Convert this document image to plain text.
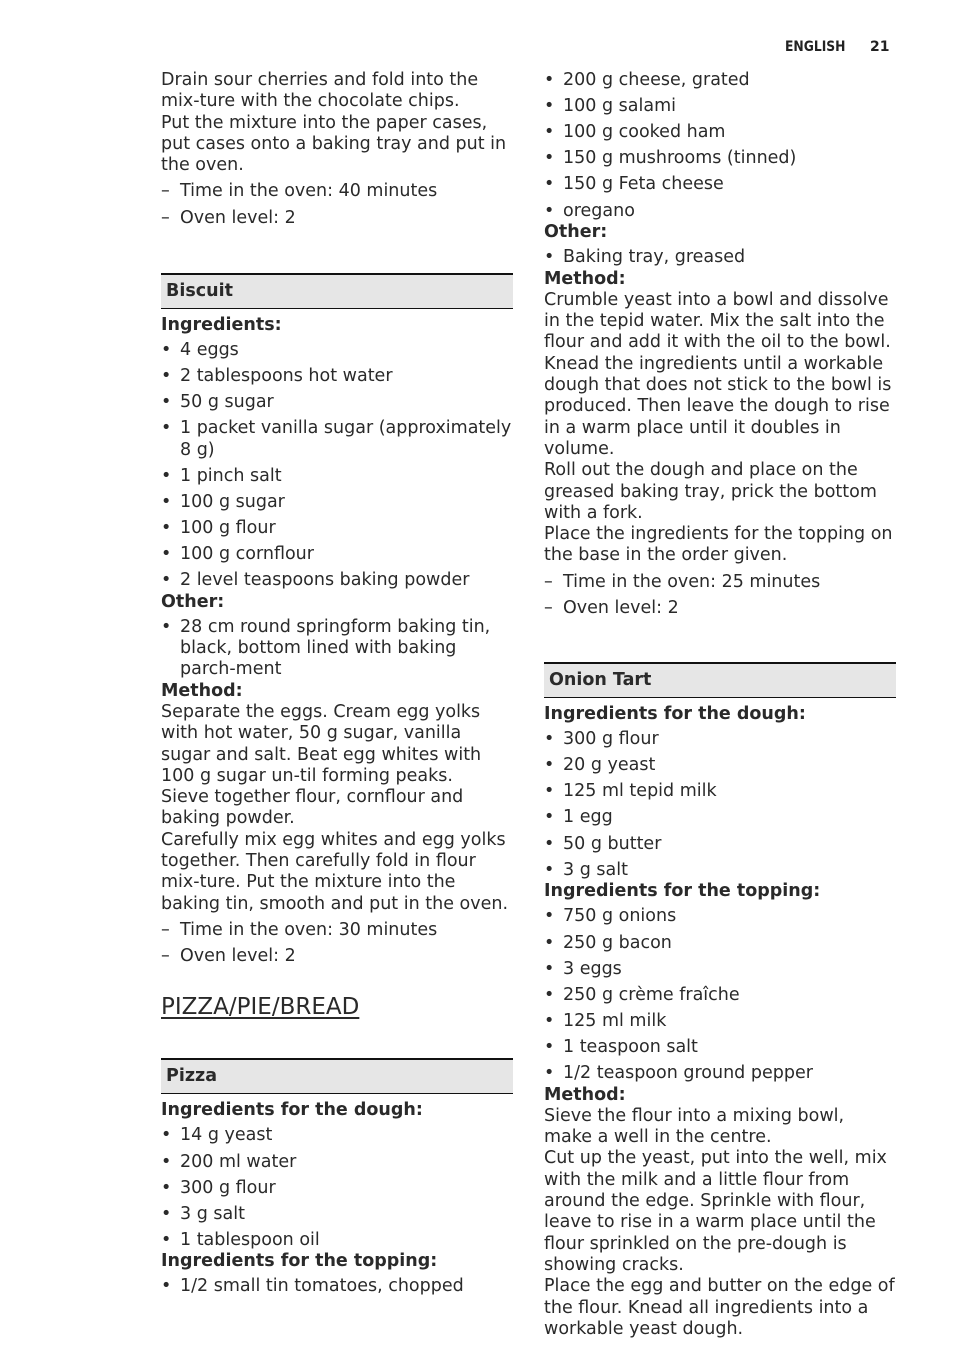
ENGLISH 21

Drain sour cherries and fold into the mix-ture with the chocolate chips.

Put the mixture into the paper cases, put cases onto a baking tray and put in the oven.

– Time in the oven: 40 minutes
– Oven level: 2
Biscuit
Ingredients:
• 4 eggs
• 2 tablespoons hot water
• 50 g sugar
• 1 packet vanilla sugar (approximately 8 g)
• 1 pinch salt
• 100 g sugar
• 100 g flour
• 100 g cornflour
• 2 level teaspoons baking powder
Other:
• 28 cm round springform baking tin, black, bottom lined with baking parch-ment
Method:

Separate the eggs. Cream egg yolks with hot water, 50 g sugar, vanilla sugar and salt. Beat egg whites with 100 g sugar un-til forming peaks.

Sieve together flour, cornflour and baking powder.

Carefully mix egg whites and egg yolks together. Then carefully fold in flour mix-ture. Put the mixture into the baking tin, smooth and put in the oven.

– Time in the oven: 30 minutes
– Oven level: 2
PIZZA/PIE/BREAD
Pizza
Ingredients for the dough:
• 14 g yeast
• 200 ml water
• 300 g flour
• 3 g salt
• 1 tablespoon oil
Ingredients for the topping:
• 1/2 small tin tomatoes, chopped
• 200 g cheese, grated
• 100 g salami
• 100 g cooked ham
• 150 g mushrooms (tinned)
• 150 g Feta cheese
• oregano
Other:
• Baking tray, greased
Method:

Crumble yeast into a bowl and dissolve in the tepid water. Mix the salt into the flour and add it with the oil to the bowl.

Knead the ingredients until a workable dough that does not stick to the bowl is produced. Then leave the dough to rise in a warm place until it doubles in volume.

Roll out the dough and place on the greased baking tray, prick the bottom with a fork.

Place the ingredients for the topping on the base in the order given.

– Time in the oven: 25 minutes
– Oven level: 2
Onion Tart
Ingredients for the dough:
• 300 g flour
• 20 g yeast
• 125 ml tepid milk
• 1 egg
• 50 g butter
• 3 g salt
Ingredients for the topping:
• 750 g onions
• 250 g bacon
• 3 eggs
• 250 g crème fraîche
• 125 ml milk
• 1 teaspoon salt
• 1/2 teaspoon ground pepper
Method:

Sieve the flour into a mixing bowl, make a well in the centre.

Cut up the yeast, put into the well, mix with the milk and a little flour from around the edge. Sprinkle with flour, leave to rise in a warm place until the flour sprinkled on the pre-dough is showing cracks.

Place the egg and butter on the edge of the flour. Knead all ingredients into a workable yeast dough.
